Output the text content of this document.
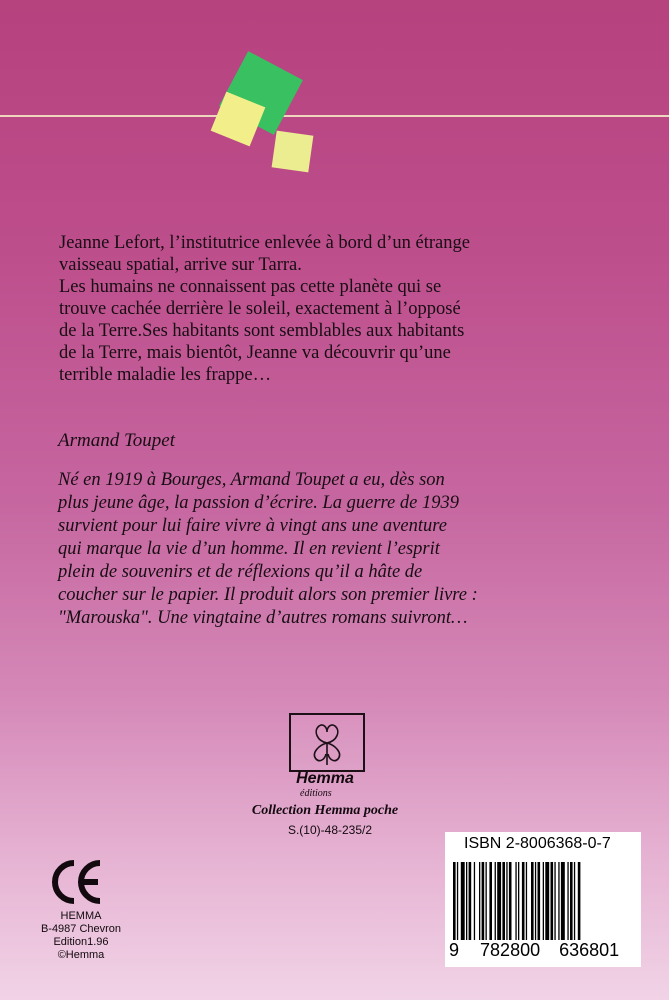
Jeanne Lefort, l’institutrice enlevée à bord d’un étrange

vaisseau spatial, arrive sur Tarra.

Les humains ne connaissent pas cette planète qui se

trouve cachée derrière le soleil, exactement à l’opposé

de la Terre.Ses habitants sont semblables aux habitants

de la Terre, mais bientôt, Jeanne va découvrir qu’une

terrible maladie les frappe…

Armand Toupet
Né en 1919 à Bourges, Armand Toupet a eu, dès son
plus jeune âge, la passion d’écrire. La guerre de 1939
survient pour lui faire vivre à vingt ans une aventure
qui marque la vie d’un homme. Il en revient l’esprit
plein de souvenirs et de réflexions qu’il a hâte de
coucher sur le papier. Il produit alors son premier livre :
"Marouska". Une vingtaine d’autres romans suivront…
Hemma
éditions
Collection Hemma poche
S.(10)-48-235/2
HEMMA
B-4987 Chevron
Edition1.96
©Hemma
ISBN 2-8006368-0-7
9 782800 636801
